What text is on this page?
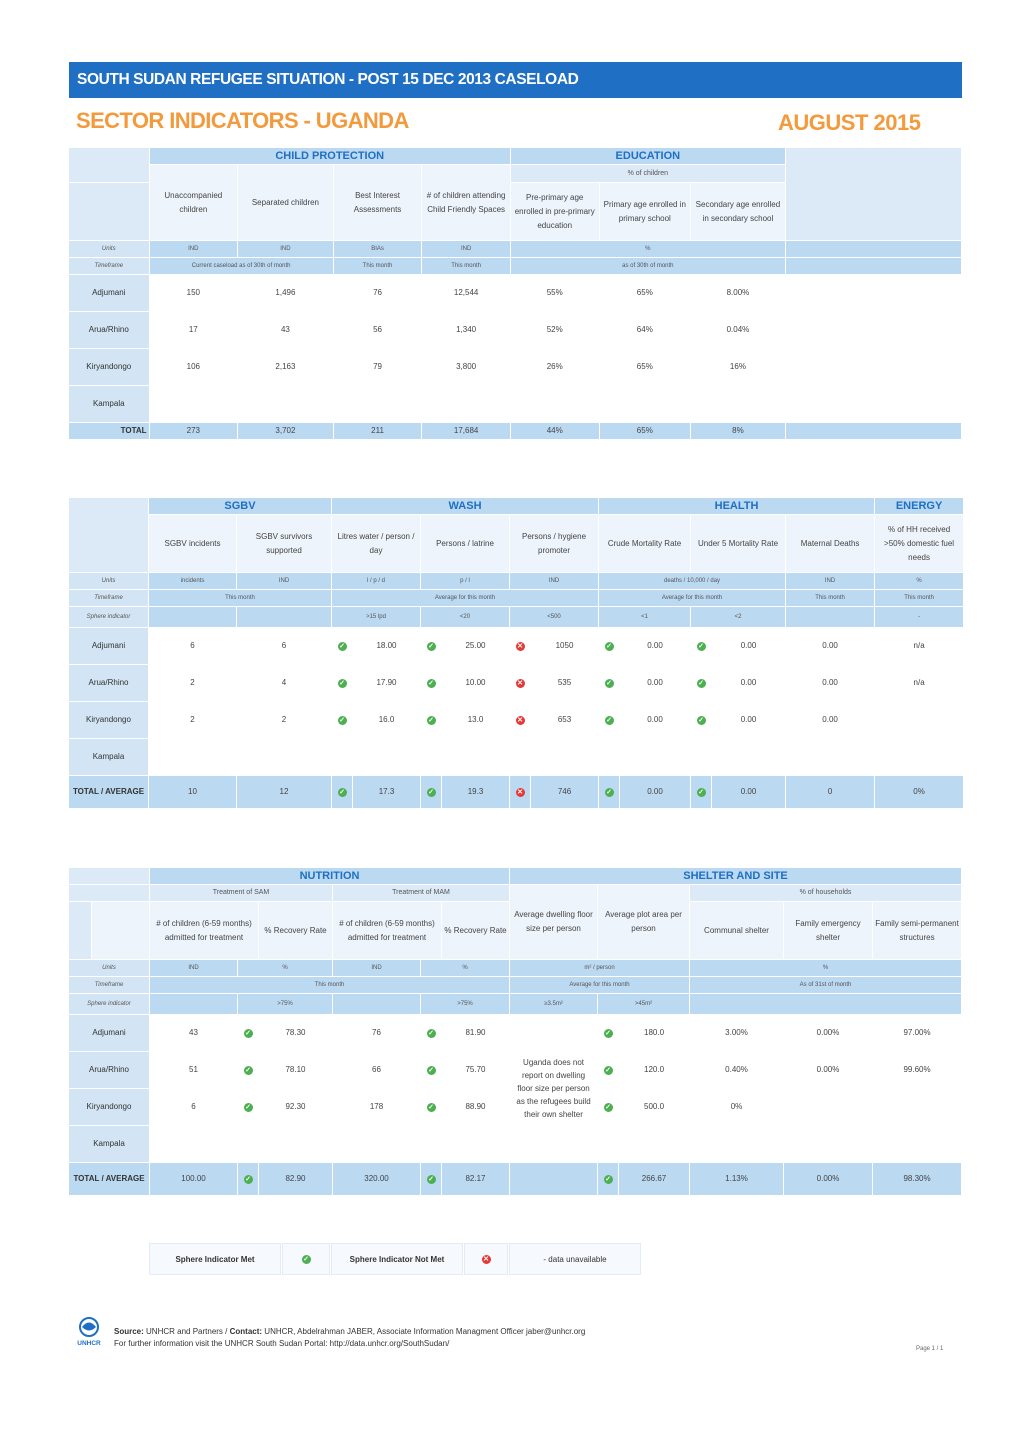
SOUTH SUDAN REFUGEE SITUATION - POST 15 DEC 2013 CASELOAD
SECTOR INDICATORS - UGANDA	AUGUST 2015
	CHILD PROTECTION				EDUCATION			
	Unaccompanied children	Separated children	Best Interest Assessments	# of children attending Child Friendly Spaces	% of children			
					Pre-primary age enrolled in pre-primary education	Primary age enrolled in primary school	Secondary age enrolled in secondary school	
Units	IND	IND	BIAs	IND	%			
Timeframe	Current caseload as of 30th of month		This month	This month	as of 30th of month			
Adjumani	150	1,496	76	12,544	55%	65%	8.00%	
Arua/Rhino	17	43	56	1,340	52%	64%	0.04%	
Kiryandongo	106	2,163	79	3,800	26%	65%	16%	
Kampala								
TOTAL	273	3,702	211	17,684	44%	65%	8%	
	SGBV		WASH						HEALTH					ENERGY
	SGBV incidents	SGBV survivors supported	Litres water / person / day		Persons / latrine		Persons / hygiene promoter		Crude Mortality Rate		Under 5 Mortality Rate		Maternal Deaths	% of HH received >50% domestic fuel needs
Units	incidents	IND	l / p / d		p / l		IND		deaths / 10,000 / day				IND	%
Timeframe	This month		Average for this month						Average for this month				This month	This month
Sphere indicator			>15 lpd		<20		<500		<1		<2			-
Adjumani	6	6	✓	18.00	✓	25.00	✕	1050	✓	0.00	✓	0.00	0.00	n/a
Arua/Rhino	2	4	✓	17.90	✓	10.00	✕	535	✓	0.00	✓	0.00	0.00	n/a
Kiryandongo	2	2	✓	16.0	✓	13.0	✕	653	✓	0.00	✓	0.00	0.00	
Kampala														
TOTAL / AVERAGE	10	12	✓	17.3	✓	19.3	✕	746	✓	0.00	✓	0.00	0	0%
		NUTRITION						SHELTER AND SITE					
		Treatment of SAM			Treatment of MAM			Average dwelling floor size per person	Average plot area per person		% of households		
		# of children (6-59 months) admitted for treatment		% Recovery Rate	# of children (6-59 months) admitted for treatment		% Recovery Rate				Communal shelter	Family emergency shelter	Family semi-permanent structures
Units		IND	%		IND	%		m² / person			%		
Timeframe		This month						Average for this month			As of 31st of month		
Sphere indicator			>75%			>75%		≥3.5m²	>45m²				
Adjumani		43	✓	78.30	76	✓	81.90	Uganda does not report on dwelling floor size per person as the refugees build their own shelter	✓	180.0	3.00%	0.00%	97.00%
Arua/Rhino		51	✓	78.10	66	✓	75.70		✓	120.0	0.40%	0.00%	99.60%
Kiryandongo		6	✓	92.30	178	✓	88.90		✓	500.0	0%		
Kampala													
TOTAL / AVERAGE		100.00	✓	82.90	320.00	✓	82.17		✓	266.67	1.13%	0.00%	98.30%
Sphere Indicator Met	✓	Sphere Indicator Not Met	✕	- data unavailable
UNHCR
Source: UNHCR and Partners / Contact: UNHCR, Abdelrahman JABER, Associate Information Managment Officer jaber@unhcr.org
For further information visit the UNHCR South Sudan Portal: http://data.unhcr.org/SouthSudan/
Page 1 / 1
